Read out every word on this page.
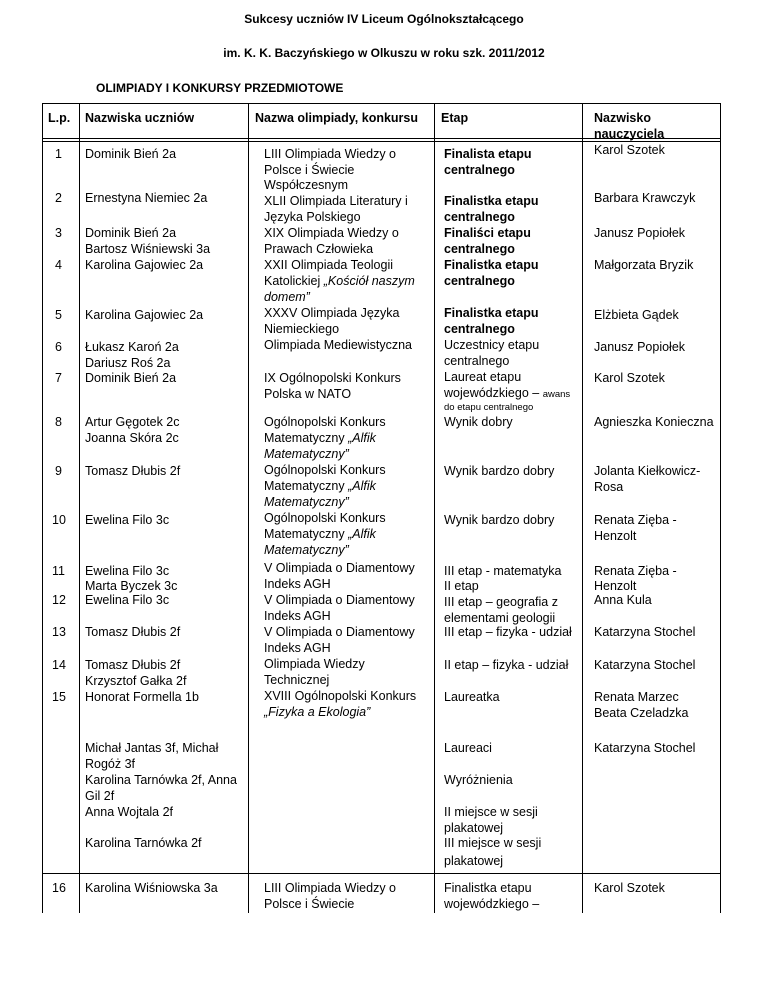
Sukcesy uczniów IV Liceum Ogólnokształcącego
im. K. K. Baczyńskiego w Olkuszu w roku szk. 2011/2012
OLIMPIADY I KONKURSY PRZEDMIOTOWE
L.p. Nazwiska uczniów	Nazwa olimpiady, konkursu Etap	Nazwisko
nauczyciela
1
2
3
4
5
6
7
8
9
10
11
12
13
14
15
16
Dominik Bień 2a
Ernestyna Niemiec 2a
Dominik Bień 2a
Bartosz Wiśniewski 3a
Karolina Gajowiec 2a
Karolina Gajowiec 2a
Łukasz Karoń 2a
Dariusz Roś 2a
Dominik Bień 2a
Artur Gęgotek 2c
Joanna Skóra 2c
Tomasz Dłubis 2f
Ewelina Filo 3c
Ewelina Filo 3c
Marta Byczek 3c
Ewelina Filo 3c
Tomasz Dłubis 2f
Tomasz Dłubis 2f
Krzysztof Gałka 2f
Honorat Formella 1b
Michał Jantas 3f, Michał
Rogóż 3f
Karolina Tarnówka 2f, Anna
Gil 2f
Anna Wojtala 2f
Karolina Tarnówka 2f
Karolina Wiśniowska 3a
LIII Olimpiada Wiedzy o
Polsce i Świecie
Współczesnym
XLII Olimpiada Literatury i
Języka Polskiego
XIX Olimpiada Wiedzy o
Prawach Człowieka
XXII Olimpiada Teologii
Katolickiej „Kościół naszym
domem”
XXXV Olimpiada Języka
Niemieckiego
Olimpiada Mediewistyczna
IX Ogólnopolski Konkurs
Polska w NATO
Ogólnopolski Konkurs
Matematyczny „Alfik
Matematyczny”
Ogólnopolski Konkurs
Matematyczny „Alfik
Matematyczny”
Ogólnopolski Konkurs
Matematyczny „Alfik
Matematyczny”
V Olimpiada o Diamentowy
Indeks AGH
V Olimpiada o Diamentowy
Indeks AGH
V Olimpiada o Diamentowy
Indeks AGH
Olimpiada Wiedzy
Technicznej
XVIII Ogólnopolski Konkurs
„Fizyka a Ekologia”
LIII Olimpiada Wiedzy o
Polsce i Świecie
Finalista etapu
centralnego
Finalistka etapu
centralnego
Finaliści etapu
centralnego
Finalistka etapu
centralnego
Finalistka etapu
centralnego
Uczestnicy etapu
centralnego
Laureat etapu
wojewódzkiego – awans
do etapu centralnego
Wynik dobry
Wynik bardzo dobry
Wynik bardzo dobry
III etap - matematyka
II etap
III etap – geografia z
elementami geologii
III etap – fizyka - udział
II etap – fizyka - udział
Laureatka
Laureaci
Wyróżnienia
II miejsce w sesji
plakatowej
III miejsce w sesji
plakatowej
Finalistka etapu
wojewódzkiego –
Karol Szotek
Barbara Krawczyk
Janusz Popiołek
Małgorzata Bryzik
Elżbieta Gądek
Janusz Popiołek
Karol Szotek
Agnieszka Konieczna
Jolanta Kiełkowicz-
Rosa
Renata Zięba -
Henzolt
Renata Zięba -
Henzolt
Anna Kula
Katarzyna Stochel
Katarzyna Stochel
Renata Marzec
Beata Czeladzka
Katarzyna Stochel
Karol Szotek
